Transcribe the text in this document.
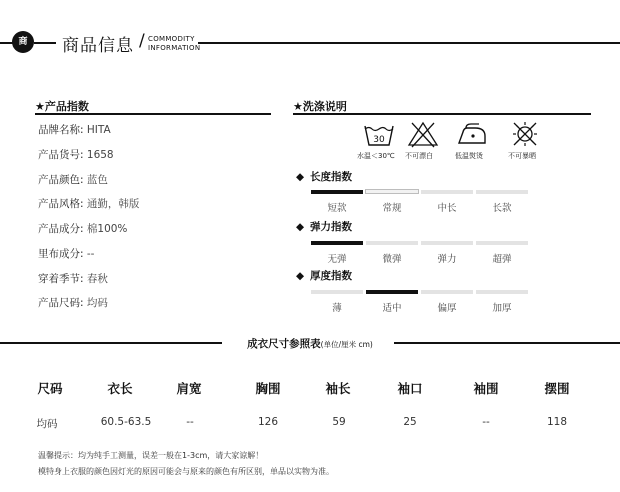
商	商品信息 / COMMODITY
INFORMATION
★产品指数
品牌名称: HITA
产品货号: 1658
产品颜色: 蓝色
产品风格: 通勤，韩版
产品成分: 棉100%
里布成分: --
穿着季节: 春秋
产品尺码: 均码
★洗涤说明
30
水温＜30℃ 不可漂白	低温熨烫	不可暴晒
◆ 长度指数
短款	常规	中长	长款
◆ 弹力指数
无弹	微弹	弹力	超弹
◆ 厚度指数
薄	适中	偏厚	加厚
成衣尺寸参照表(单位/厘米 cm)
尺码	衣长	肩宽	胸围	袖长	袖口	袖围	摆围
均码	60.5-63.5	--	126	59	25	--	118
温馨提示：均为纯手工测量，误差一般在1-3cm，请大家谅解！
模特身上衣服的颜色因灯光的原因可能会与原来的颜色有所区别，单品以实物为准。
